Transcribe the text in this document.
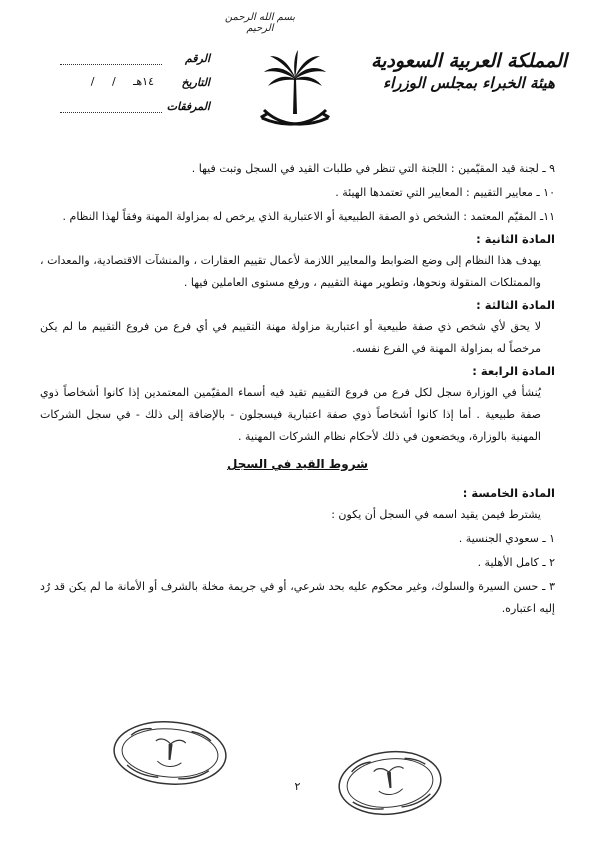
بسم الله الرحمن الرحيم
المملكة العربية السعودية
هيئة الخبراء بمجلس الوزراء
الرقم
التاريخ
/     /     ١٤هـ
المرفقات

٩ ـ لجنة قيد المقيّمين : اللجنة التي تنظر في طلبات القيد في السجل وتبت فيها .

١٠ ـ معايير التقييم : المعايير التي تعتمدها الهيئة .

١١ـ المقيّم المعتمد : الشخص ذو الصفة الطبيعية أو الاعتبارية الذي يرخص له بمزاولة المهنة وفقاً لهذا النظام .

المادة الثانية :

يهدف هذا النظام إلى وضع الضوابط والمعايير اللازمة لأعمال تقييم العقارات ، والمنشآت الاقتصادية، والمعدات ، والممتلكات المنقولة ونحوها، وتطوير مهنة التقييم ، ورفع مستوى العاملين فيها .

المادة الثالثة :

لا يحق لأي شخص ذي صفة طبيعية أو اعتبارية مزاولة مهنة التقييم في أي فرع من فروع التقييم ما لم يكن مرخصاً له بمزاولة المهنة في الفرع نفسه.

المادة الرابعة :

يُنشأ في الوزارة سجل لكل فرع من فروع التقييم تقيد فيه أسماء المقيّمين المعتمدين إذا كانوا أشخاصاً ذوي صفة طبيعية . أما إذا كانوا أشخاصاً ذوي صفة اعتبارية فيسجلون - بالإضافة إلى ذلك - في سجل الشركات المهنية بالوزارة، ويخضعون في ذلك لأحكام نظام الشركات المهنية .

شروط القيد في السجل

المادة الخامسة :

يشترط فيمن يقيد اسمه في السجل أن يكون :

١ ـ سعودي الجنسية .

٢ ـ كامل الأهلية .

٣ ـ حسن السيرة والسلوك، وغير محكوم عليه بحد شرعي، أو في جريمة مخلة بالشرف أو الأمانة ما لم يكن قد رُد إليه اعتباره.

٢
